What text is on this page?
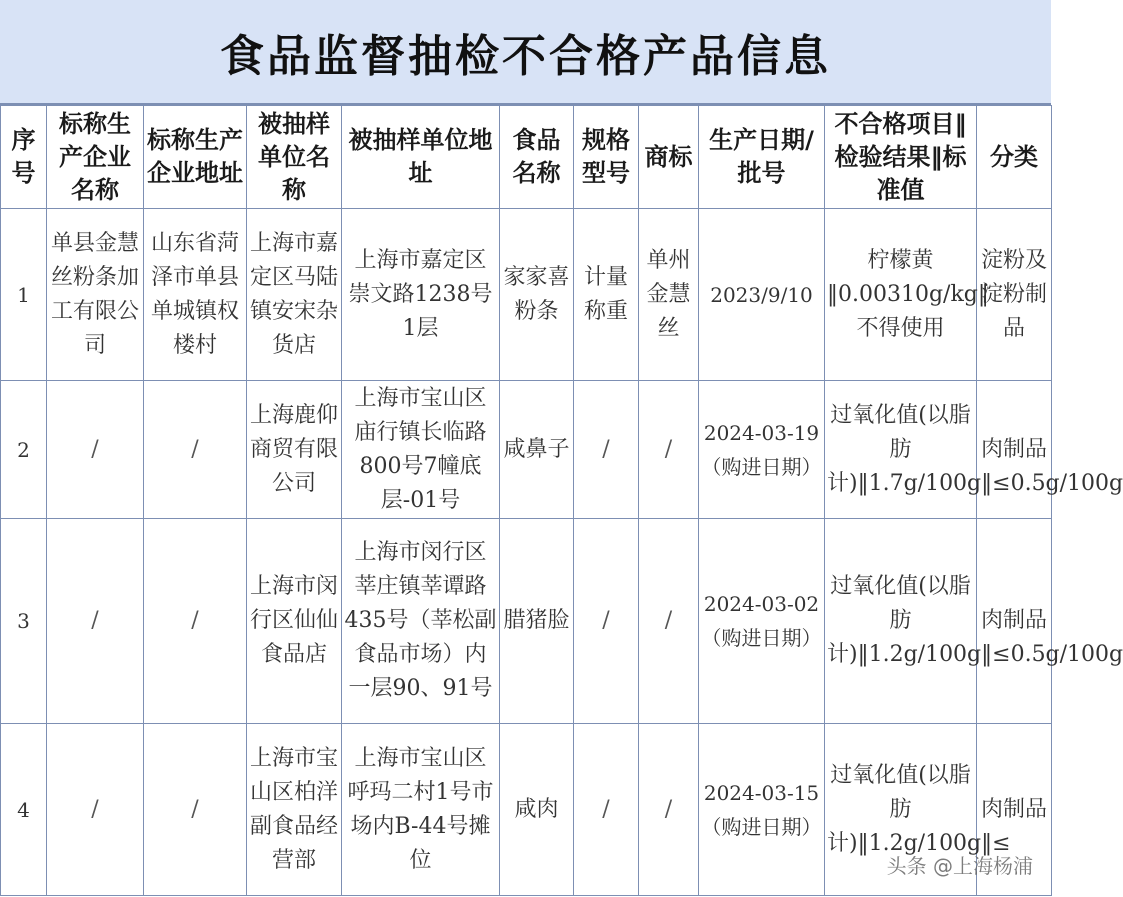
食品监督抽检不合格产品信息
序号	标称生产企业名称	标称生产企业地址	被抽样单位名称	被抽样单位地址	食品名称	规格型号	商标	生产日期/批号	不合格项目‖检验结果‖标准值	分类
1	单县金慧丝粉条加工有限公司	山东省菏泽市单县单城镇权楼村	上海市嘉定区马陆镇安宋杂货店	上海市嘉定区崇文路1238号1层	家家喜粉条	计量称重	单州金慧丝	2023/9/10	柠檬黄‖0.00310g/kg‖不得使用	淀粉及淀粉制品
2	/	/	上海鹿仰商贸有限公司	上海市宝山区庙行镇长临路800号7幢底层-01号	咸鼻子	/	/	2024-03-19（购进日期）	过氧化值(以脂肪计)‖1.7g/100g‖≤0.5g/100g	肉制品
3	/	/	上海市闵行区仙仙食品店	上海市闵行区莘庄镇莘谭路435号（莘松副食品市场）内一层90、91号	腊猪脸	/	/	2024-03-02（购进日期）	过氧化值(以脂肪计)‖1.2g/100g‖≤0.5g/100g	肉制品
4	/	/	上海市宝山区柏洋副食品经营部	上海市宝山区呼玛二村1号市场内B-44号摊位	咸肉	/	/	2024-03-15（购进日期）	过氧化值(以脂肪计)‖1.2g/100g‖≤	肉制品
头条 @上海杨浦
